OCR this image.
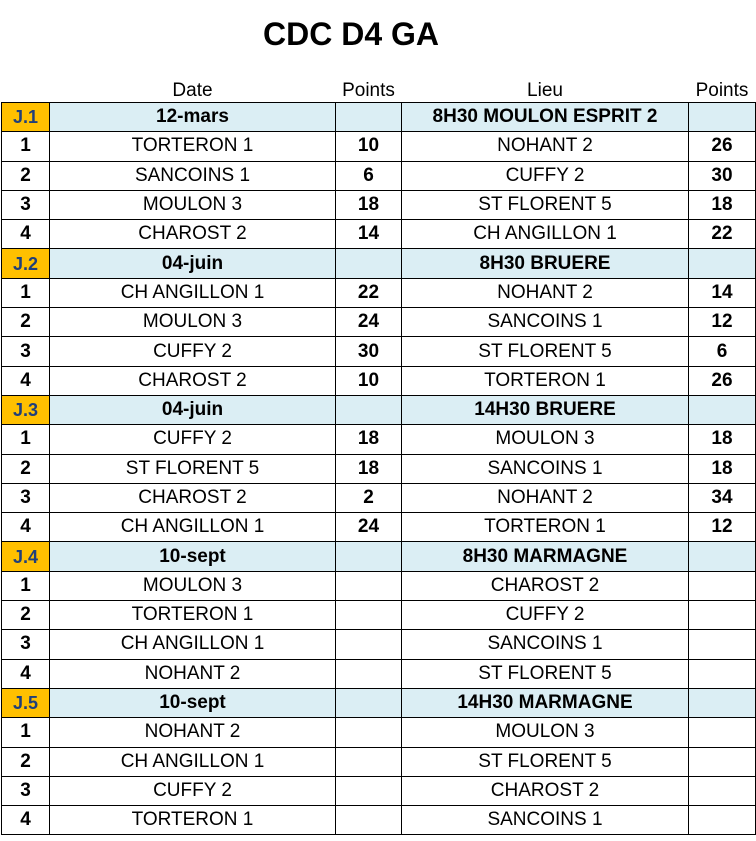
CDC D4 GA
	Date	Points	Lieu	Points
J.1	12-mars		8H30 MOULON ESPRIT 2	
1	TORTERON 1	10	NOHANT 2	26
2	SANCOINS 1	6	CUFFY 2	30
3	MOULON 3	18	ST FLORENT 5	18
4	CHAROST 2	14	CH ANGILLON 1	22
J.2	04-juin		8H30 BRUERE	
1	CH ANGILLON 1	22	NOHANT 2	14
2	MOULON 3	24	SANCOINS 1	12
3	CUFFY 2	30	ST FLORENT 5	6
4	CHAROST 2	10	TORTERON 1	26
J.3	04-juin		14H30 BRUERE	
1	CUFFY 2	18	MOULON 3	18
2	ST FLORENT 5	18	SANCOINS 1	18
3	CHAROST 2	2	NOHANT 2	34
4	CH ANGILLON 1	24	TORTERON 1	12
J.4	10-sept		8H30 MARMAGNE	
1	MOULON 3		CHAROST 2	
2	TORTERON 1		CUFFY 2	
3	CH ANGILLON 1		SANCOINS 1	
4	NOHANT 2		ST FLORENT 5	
J.5	10-sept		14H30 MARMAGNE	
1	NOHANT 2		MOULON 3	
2	CH ANGILLON 1		ST FLORENT 5	
3	CUFFY 2		CHAROST 2	
4	TORTERON 1		SANCOINS 1	
